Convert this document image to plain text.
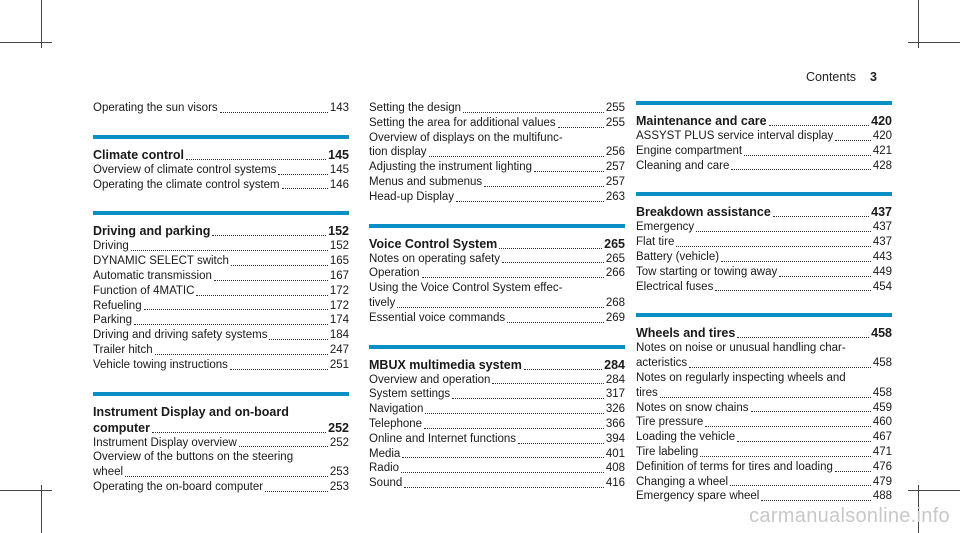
Contents 3
Operating the sun visors	143
Climate control	145
Overview of climate control systems	145
Operating the climate control system	146
Driving and parking	152
Driving	152
DYNAMIC SELECT switch	165
Automatic transmission	167
Function of 4MATIC	172
Refueling	172
Parking	174
Driving and driving safety systems	184
Trailer hitch	247
Vehicle towing instructions	251
Instrument Display and on-board
computer	252
Instrument Display overview	252
Overview of the buttons on the steering
wheel	253
Operating the on-board computer	253
Setting the design	255
Setting the area for additional values	255
Overview of displays on the multifunc-
tion display	256
Adjusting the instrument lighting	257
Menus and submenus	257
Head-up Display	263
Voice Control System	265
Notes on operating safety	265
Operation	266
Using the Voice Control System effec-
tively	268
Essential voice commands	269
MBUX multimedia system	284
Overview and operation	284
System settings	317
Navigation	326
Telephone	366
Online and Internet functions	394
Media	401
Radio	408
Sound	416
Maintenance and care	420
ASSYST PLUS service interval display	420
Engine compartment	421
Cleaning and care	428
Breakdown assistance	437
Emergency	437
Flat tire	437
Battery (vehicle)	443
Tow starting or towing away	449
Electrical fuses	454
Wheels and tires	458
Notes on noise or unusual handling char-
acteristics	458
Notes on regularly inspecting wheels and
tires	458
Notes on snow chains	459
Tire pressure	460
Loading the vehicle	467
Tire labeling	471
Definition of terms for tires and loading	476
Changing a wheel	479
Emergency spare wheel	488
carmanualsonline.info
